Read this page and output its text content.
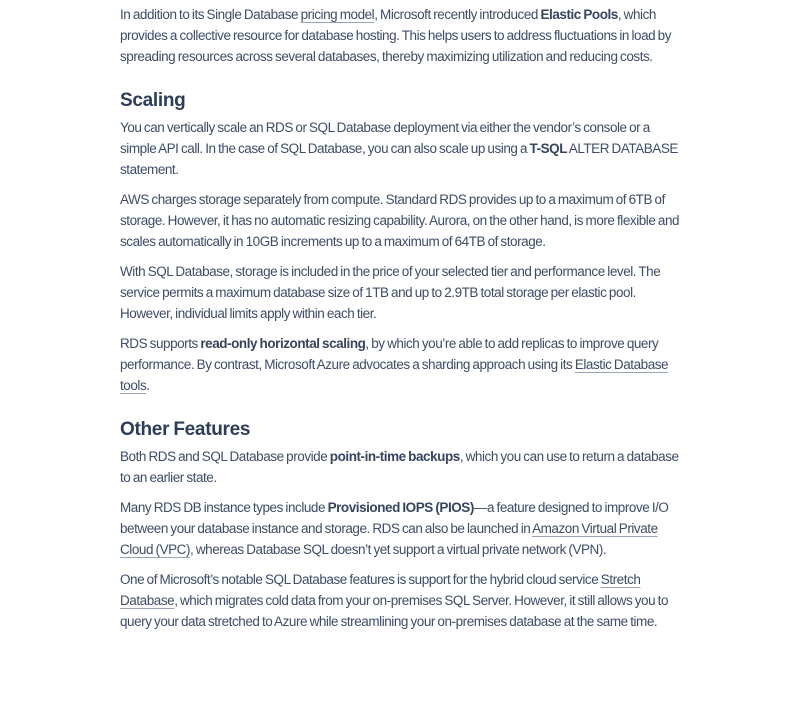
In addition to its Single Database pricing model, Microsoft recently introduced Elastic Pools, which provides a collective resource for database hosting. This helps users to address fluctuations in load by spreading resources across several databases, thereby maximizing utilization and reducing costs.

Scaling

You can vertically scale an RDS or SQL Database deployment via either the vendor’s console or a simple API call. In the case of SQL Database, you can also scale up using a T-SQL ALTER DATABASE statement.

AWS charges storage separately from compute. Standard RDS provides up to a maximum of 6TB of storage. However, it has no automatic resizing capability. Aurora, on the other hand, is more flexible and scales automatically in 10GB increments up to a maximum of 64TB of storage.

With SQL Database, storage is included in the price of your selected tier and performance level. The service permits a maximum database size of 1TB and up to 2.9TB total storage per elastic pool. However, individual limits apply within each tier.

RDS supports read-only horizontal scaling, by which you’re able to add replicas to improve query performance. By contrast, Microsoft Azure advocates a sharding approach using its Elastic Database tools.

Other Features

Both RDS and SQL Database provide point-in-time backups, which you can use to return a database to an earlier state.

Many RDS DB instance types include Provisioned IOPS (PIOS)—a feature designed to improve I/O between your database instance and storage. RDS can also be launched in Amazon Virtual Private Cloud (VPC), whereas Database SQL doesn’t yet support a virtual private network (VPN).

One of Microsoft’s notable SQL Database features is support for the hybrid cloud service Stretch Database, which migrates cold data from your on-premises SQL Server. However, it still allows you to query your data stretched to Azure while streamlining your on-premises database at the same time.
